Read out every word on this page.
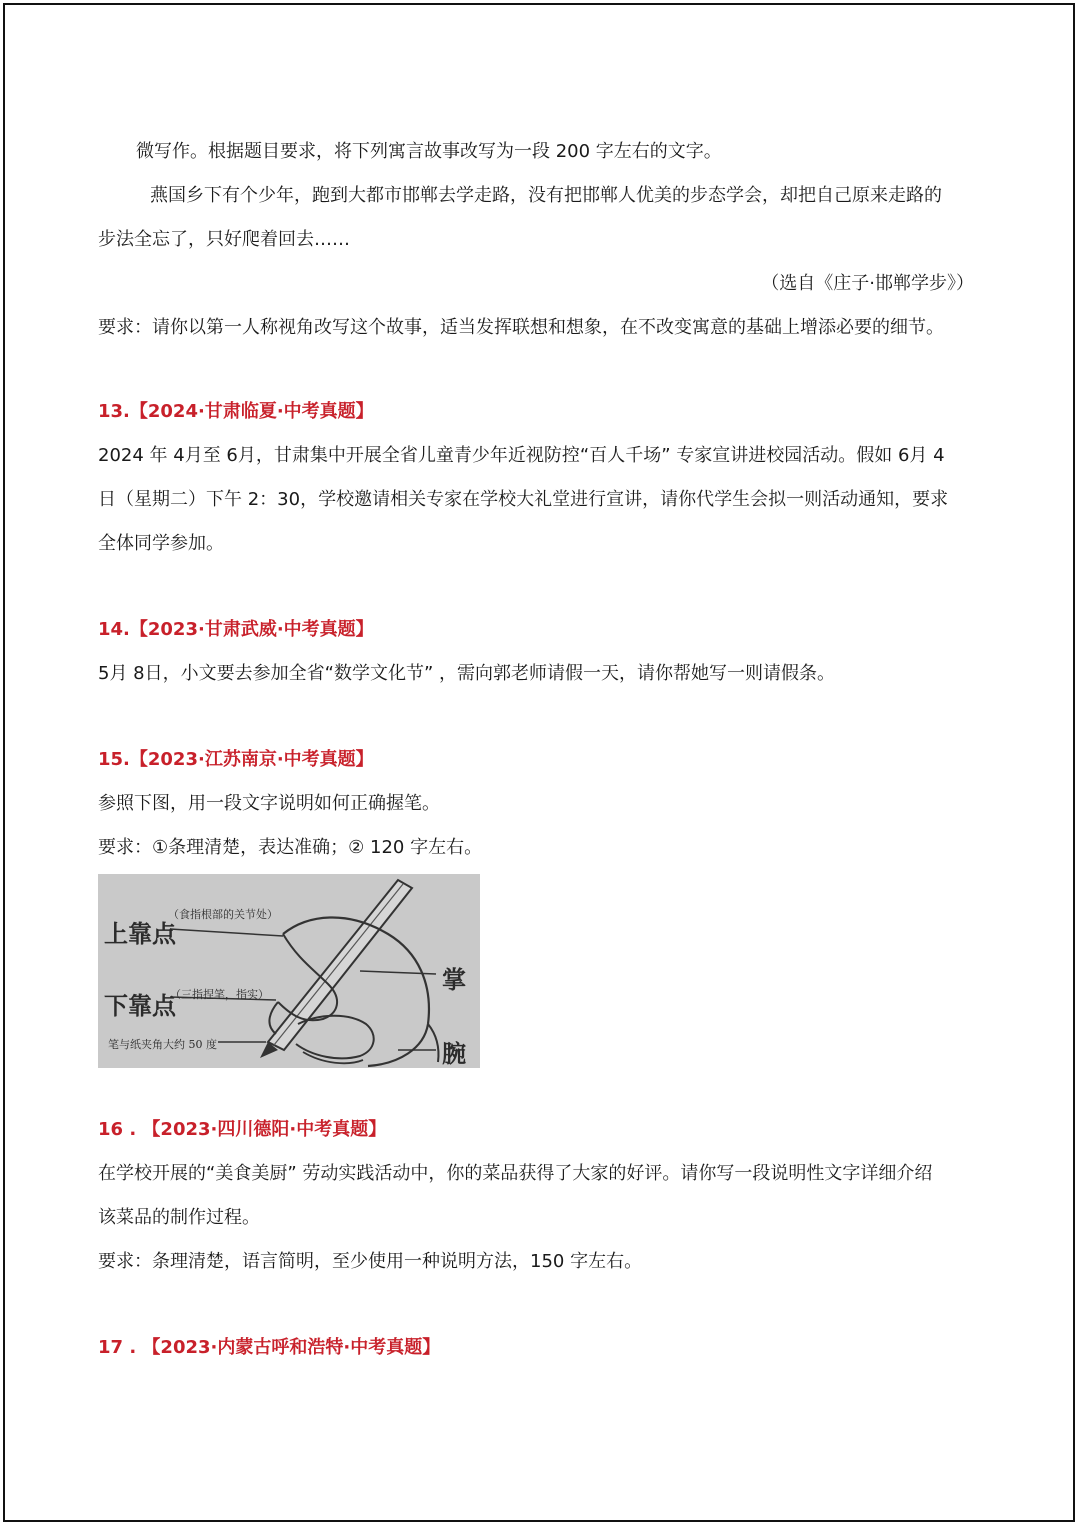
微写作。根据题目要求，将下列寓言故事改写为一段 200 字左右的文字。
燕国乡下有个少年，跑到大都市邯郸去学走路，没有把邯郸人优美的步态学会，却把自己原来走路的
步法全忘了，只好爬着回去……
（选自《庄子·邯郸学步》）
要求：请你以第一人称视角改写这个故事，适当发挥联想和想象，在不改变寓意的基础上增添必要的细节。
13.【2024·甘肃临夏·中考真题】
2024 年 4月至 6月，甘肃集中开展全省儿童青少年近视防控“百人千场” 专家宣讲进校园活动。假如 6月 4
日（星期二）下午 2：30，学校邀请相关专家在学校大礼堂进行宣讲，请你代学生会拟一则活动通知，要求
全体同学参加。
14.【2023·甘肃武威·中考真题】
5月 8日，小文要去参加全省“数学文化节” ，需向郭老师请假一天，请你帮她写一则请假条。
15.【2023·江苏南京·中考真题】
参照下图，用一段文字说明如何正确握笔。
要求：①条理清楚，表达准确；② 120 字左右。
上靠点
（食指根部的关节处）
下靠点
（三指捏笔，指实）
笔与纸夹角大约 50 度
掌
腕
16 . 【2023·四川德阳·中考真题】
在学校开展的“美食美厨” 劳动实践活动中，你的菜品获得了大家的好评。请你写一段说明性文字详细介绍
该菜品的制作过程。
要求：条理清楚，语言简明，至少使用一种说明方法，150 字左右。
17 . 【2023·内蒙古呼和浩特·中考真题】
